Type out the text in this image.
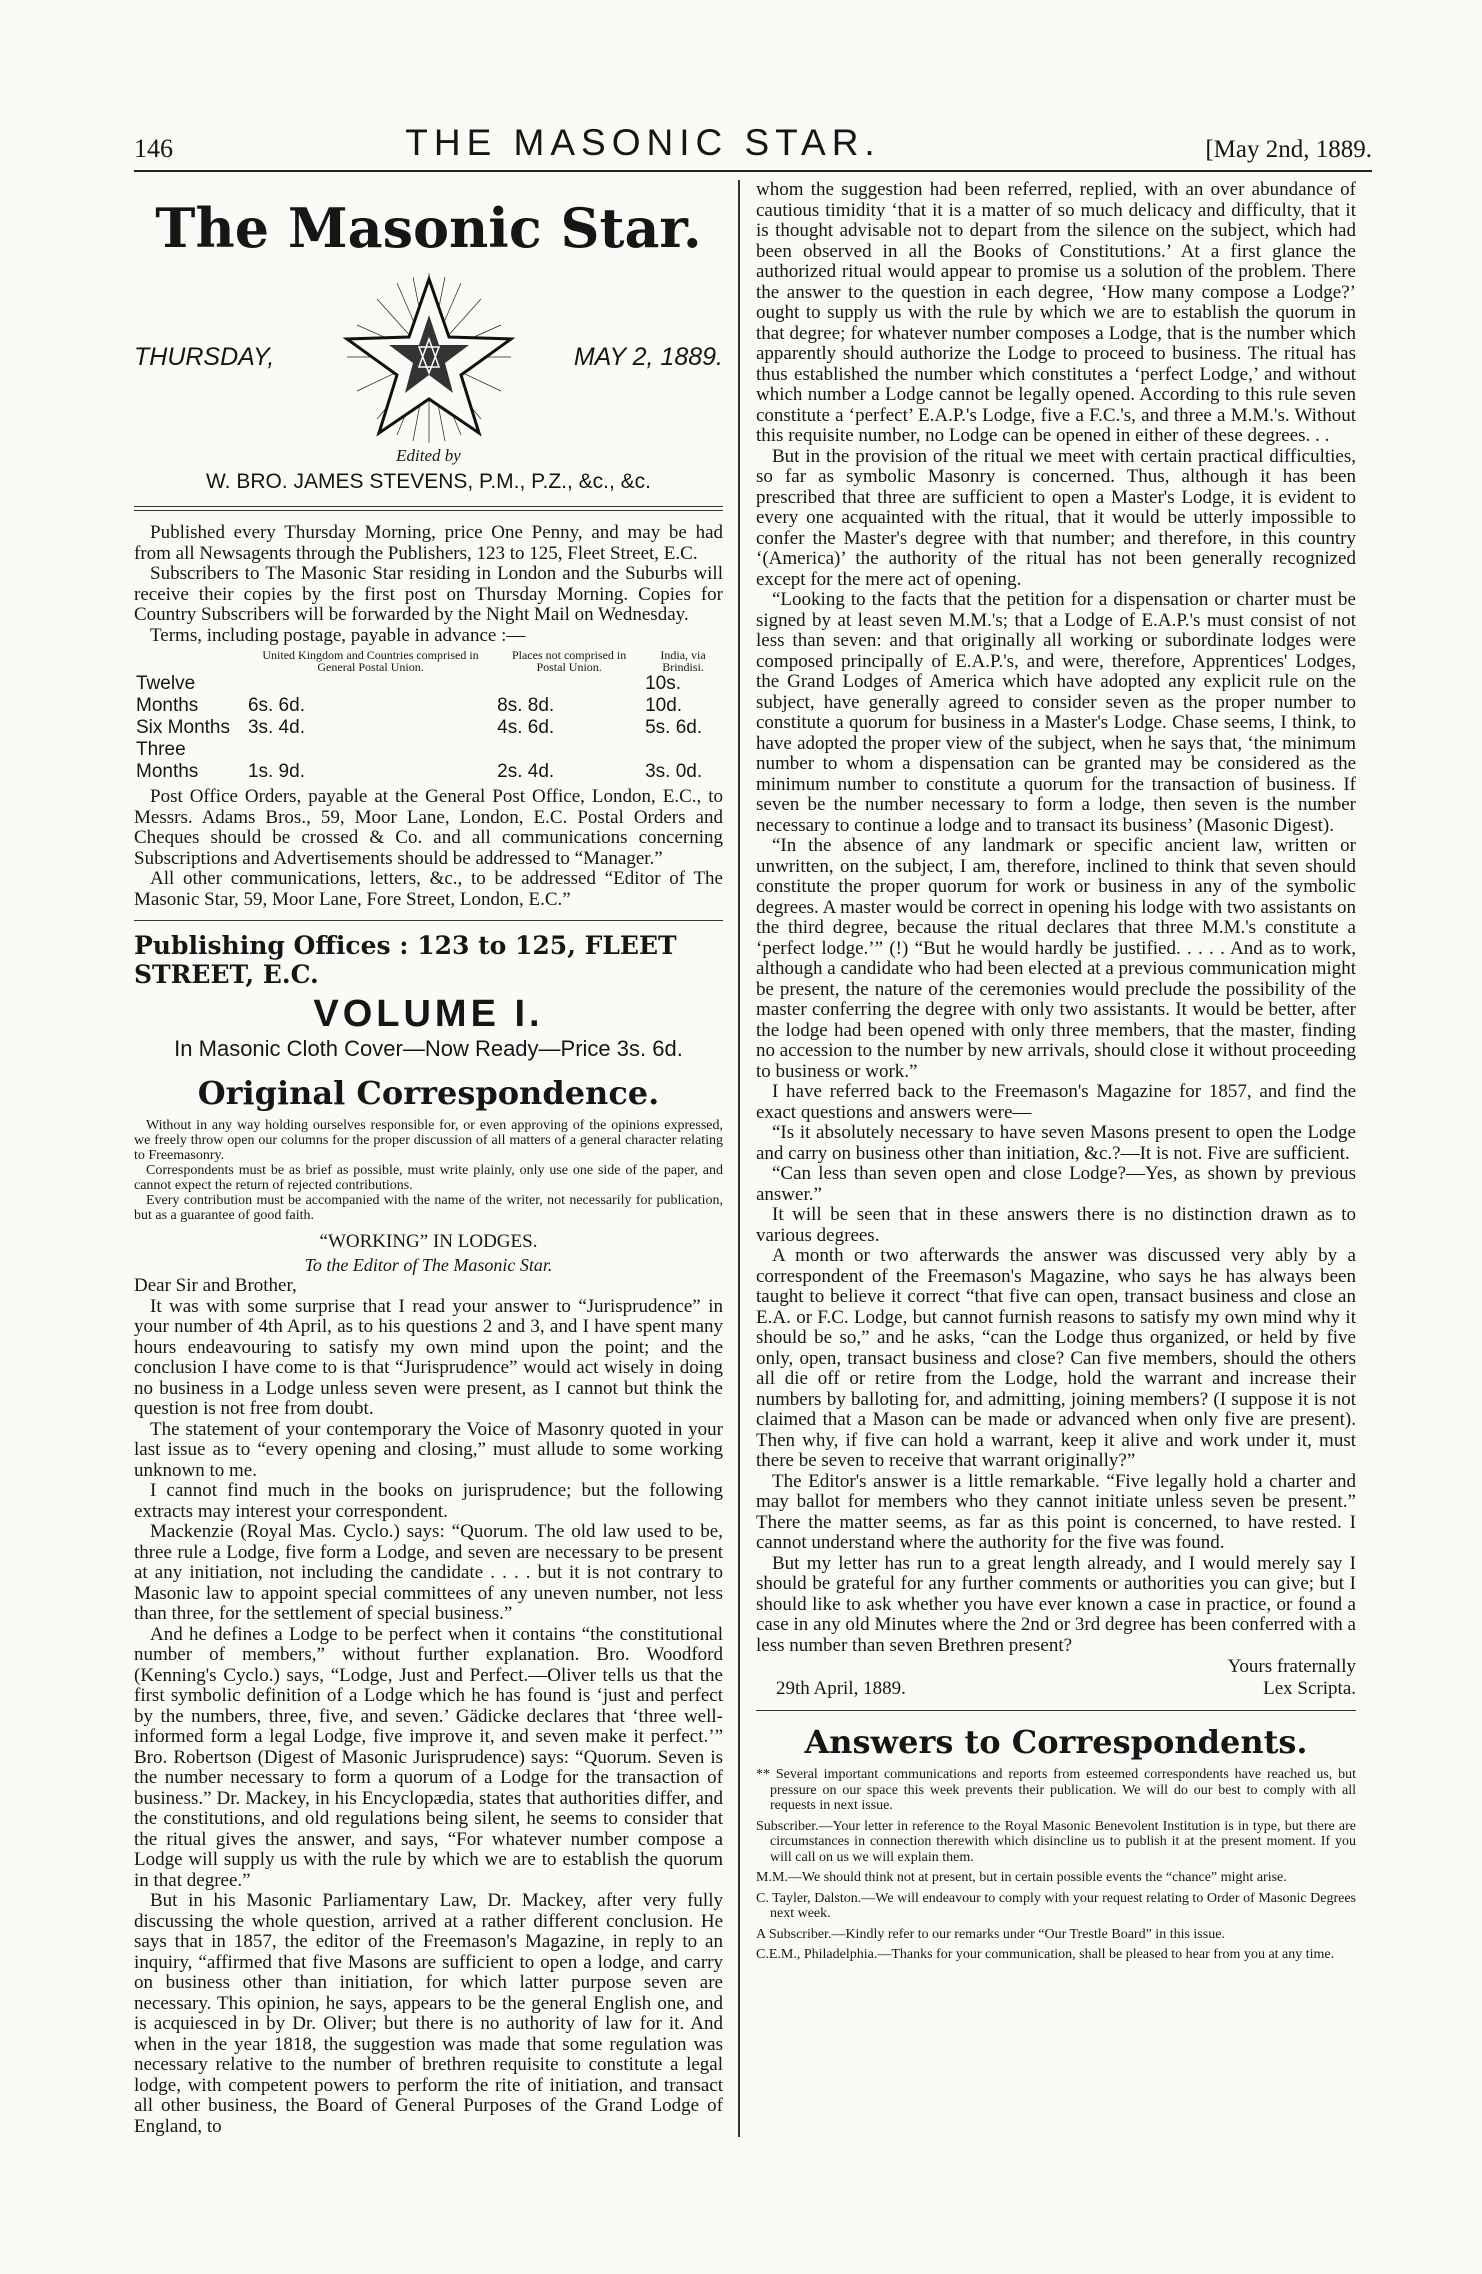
146	THE MASONIC STAR.	[May 2nd, 1889.
The Masonic Star.
THURSDAY,	MAY 2, 1889.
Edited by
W. BRO. JAMES STEVENS, P.M., P.Z., &c., &c.

Published every Thursday Morning, price One Penny, and may be had from all Newsagents through the Publishers, 123 to 125, Fleet Street, E.C.

Subscribers to The Masonic Star residing in London and the Suburbs will receive their copies by the first post on Thursday Morning. Copies for Country Subscribers will be forwarded by the Night Mail on Wednesday.

Terms, including postage, payable in advance :—

	United Kingdom and Countries comprised in General Postal Union.	Places not comprised in Postal Union.	India, via Brindisi.
Twelve Months	6s. 6d.	8s. 8d.	10s. 10d.
Six Months	3s. 4d.	4s. 6d.	5s. 6d.
Three Months	1s. 9d.	2s. 4d.	3s. 0d.

Post Office Orders, payable at the General Post Office, London, E.C., to Messrs. Adams Bros., 59, Moor Lane, London, E.C. Postal Orders and Cheques should be crossed & Co. and all communications concerning Subscriptions and Advertisements should be addressed to “Manager.”

All other communications, letters, &c., to be addressed “Editor of The Masonic Star, 59, Moor Lane, Fore Street, London, E.C.”

Publishing Offices : 123 to 125, FLEET STREET, E.C.
VOLUME I.
In Masonic Cloth Cover—Now Ready—Price 3s. 6d.
Original Correspondence.

Without in any way holding ourselves responsible for, or even approving of the opinions expressed, we freely throw open our columns for the proper discussion of all matters of a general character relating to Freemasonry.

Correspondents must be as brief as possible, must write plainly, only use one side of the paper, and cannot expect the return of rejected contributions.

Every contribution must be accompanied with the name of the writer, not necessarily for publication, but as a guarantee of good faith.

“WORKING” IN LODGES.
To the Editor of The Masonic Star.

Dear Sir and Brother,

It was with some surprise that I read your answer to “Jurisprudence” in your number of 4th April, as to his questions 2 and 3, and I have spent many hours endeavouring to satisfy my own mind upon the point; and the conclusion I have come to is that “Jurisprudence” would act wisely in doing no business in a Lodge unless seven were present, as I cannot but think the question is not free from doubt.

The statement of your contemporary the Voice of Masonry quoted in your last issue as to “every opening and closing,” must allude to some working unknown to me.

I cannot find much in the books on jurisprudence; but the following extracts may interest your correspondent.

Mackenzie (Royal Mas. Cyclo.) says: “Quorum. The old law used to be, three rule a Lodge, five form a Lodge, and seven are necessary to be present at any initiation, not including the candidate . . . . but it is not contrary to Masonic law to appoint special committees of any uneven number, not less than three, for the settlement of special business.”

And he defines a Lodge to be perfect when it contains “the constitutional number of members,” without further explanation. Bro. Woodford (Kenning's Cyclo.) says, “Lodge, Just and Perfect.—Oliver tells us that the first symbolic definition of a Lodge which he has found is ‘just and perfect by the numbers, three, five, and seven.’ Gädicke declares that ‘three well-informed form a legal Lodge, five improve it, and seven make it perfect.’” Bro. Robertson (Digest of Masonic Jurisprudence) says: “Quorum. Seven is the number necessary to form a quorum of a Lodge for the transaction of business.” Dr. Mackey, in his Encyclopædia, states that authorities differ, and the constitutions, and old regulations being silent, he seems to consider that the ritual gives the answer, and says, “For whatever number compose a Lodge will supply us with the rule by which we are to establish the quorum in that degree.”

But in his Masonic Parliamentary Law, Dr. Mackey, after very fully discussing the whole question, arrived at a rather different conclusion. He says that in 1857, the editor of the Freemason's Magazine, in reply to an inquiry, “affirmed that five Masons are sufficient to open a lodge, and carry on business other than initiation, for which latter purpose seven are necessary. This opinion, he says, appears to be the general English one, and is acquiesced in by Dr. Oliver; but there is no authority of law for it. And when in the year 1818, the suggestion was made that some regulation was necessary relative to the number of brethren requisite to constitute a legal lodge, with competent powers to perform the rite of initiation, and transact all other business, the Board of General Purposes of the Grand Lodge of England, to

whom the suggestion had been referred, replied, with an over abundance of cautious timidity ‘that it is a matter of so much delicacy and difficulty, that it is thought advisable not to depart from the silence on the subject, which had been observed in all the Books of Constitutions.’ At a first glance the authorized ritual would appear to promise us a solution of the problem. There the answer to the question in each degree, ‘How many compose a Lodge?’ ought to supply us with the rule by which we are to establish the quorum in that degree; for whatever number composes a Lodge, that is the number which apparently should authorize the Lodge to proceed to business. The ritual has thus established the number which constitutes a ‘perfect Lodge,’ and without which number a Lodge cannot be legally opened. According to this rule seven constitute a ‘perfect’ E.A.P.'s Lodge, five a F.C.'s, and three a M.M.'s. Without this requisite number, no Lodge can be opened in either of these degrees. . .

But in the provision of the ritual we meet with certain practical difficulties, so far as symbolic Masonry is concerned. Thus, although it has been prescribed that three are sufficient to open a Master's Lodge, it is evident to every one acquainted with the ritual, that it would be utterly impossible to confer the Master's degree with that number; and therefore, in this country ‘(America)’ the authority of the ritual has not been generally recognized except for the mere act of opening.

“Looking to the facts that the petition for a dispensation or charter must be signed by at least seven M.M.'s; that a Lodge of E.A.P.'s must consist of not less than seven: and that originally all working or subordinate lodges were composed principally of E.A.P.'s, and were, therefore, Apprentices' Lodges, the Grand Lodges of America which have adopted any explicit rule on the subject, have generally agreed to consider seven as the proper number to constitute a quorum for business in a Master's Lodge. Chase seems, I think, to have adopted the proper view of the subject, when he says that, ‘the minimum number to whom a dispensation can be granted may be considered as the minimum number to constitute a quorum for the transaction of business. If seven be the number necessary to form a lodge, then seven is the number necessary to continue a lodge and to transact its business’ (Masonic Digest).

“In the absence of any landmark or specific ancient law, written or unwritten, on the subject, I am, therefore, inclined to think that seven should constitute the proper quorum for work or business in any of the symbolic degrees. A master would be correct in opening his lodge with two assistants on the third degree, because the ritual declares that three M.M.'s constitute a ‘perfect lodge.’” (!) “But he would hardly be justified. . . . . And as to work, although a candidate who had been elected at a previous communication might be present, the nature of the ceremonies would preclude the possibility of the master conferring the degree with only two assistants. It would be better, after the lodge had been opened with only three members, that the master, finding no accession to the number by new arrivals, should close it without proceeding to business or work.”

I have referred back to the Freemason's Magazine for 1857, and find the exact questions and answers were—

“Is it absolutely necessary to have seven Masons present to open the Lodge and carry on business other than initiation, &c.?—It is not. Five are sufficient.

“Can less than seven open and close Lodge?—Yes, as shown by previous answer.”

It will be seen that in these answers there is no distinction drawn as to various degrees.

A month or two afterwards the answer was discussed very ably by a correspondent of the Freemason's Magazine, who says he has always been taught to believe it correct “that five can open, transact business and close an E.A. or F.C. Lodge, but cannot furnish reasons to satisfy my own mind why it should be so,” and he asks, “can the Lodge thus organized, or held by five only, open, transact business and close? Can five members, should the others all die off or retire from the Lodge, hold the warrant and increase their numbers by balloting for, and admitting, joining members? (I suppose it is not claimed that a Mason can be made or advanced when only five are present). Then why, if five can hold a warrant, keep it alive and work under it, must there be seven to receive that warrant originally?”

The Editor's answer is a little remarkable. “Five legally hold a charter and may ballot for members who they cannot initiate unless seven be present.” There the matter seems, as far as this point is concerned, to have rested. I cannot understand where the authority for the five was found.

But my letter has run to a great length already, and I would merely say I should be grateful for any further comments or authorities you can give; but I should like to ask whether you have ever known a case in practice, or found a case in any old Minutes where the 2nd or 3rd degree has been conferred with a less number than seven Brethren present?

Yours fraternally
29th April, 1889.	Lex Scripta.
Answers to Correspondents.

** Several important communications and reports from esteemed correspondents have reached us, but pressure on our space this week prevents their publication. We will do our best to comply with all requests in next issue.

Subscriber.—Your letter in reference to the Royal Masonic Benevolent Institution is in type, but there are circumstances in connection therewith which disincline us to publish it at the present moment. If you will call on us we will explain them.

M.M.—We should think not at present, but in certain possible events the “chance” might arise.

C. Tayler, Dalston.—We will endeavour to comply with your request relating to Order of Masonic Degrees next week.

A Subscriber.—Kindly refer to our remarks under “Our Trestle Board” in this issue.

C.E.M., Philadelphia.—Thanks for your communication, shall be pleased to hear from you at any time.
